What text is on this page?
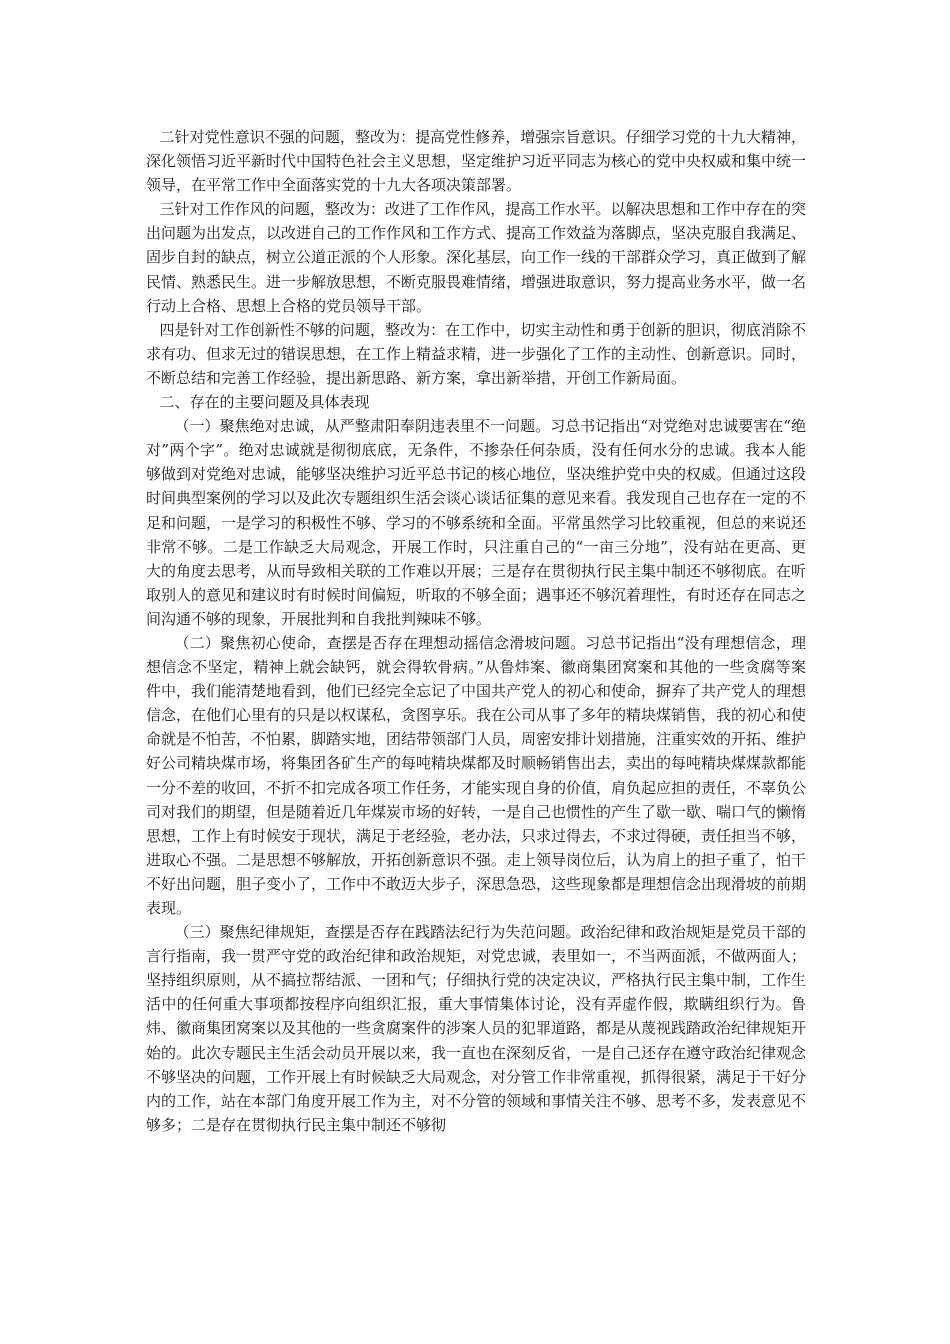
二针对党性意识不强的问题，整改为：提高党性修养，增强宗旨意识。仔细学习党的十九大精神，深化领悟习近平新时代中国特色社会主义思想，坚定维护习近平同志为核心的党中央权威和集中统一领导，在平常工作中全面落实党的十九大各项决策部署。

三针对工作作风的问题，整改为：改进了工作作风，提高工作水平。以解决思想和工作中存在的突出问题为出发点，以改进自己的工作作风和工作方式、提高工作效益为落脚点，坚决克服自我满足、固步自封的缺点，树立公道正派的个人形象。深化基层，向工作一线的干部群众学习，真正做到了解民情、熟悉民生。进一步解放思想，不断克服畏难情绪，增强进取意识，努力提高业务水平，做一名行动上合格、思想上合格的党员领导干部。

四是针对工作创新性不够的问题，整改为：在工作中，切实主动性和勇于创新的胆识，彻底消除不求有功、但求无过的错误思想，在工作上精益求精，进一步强化了工作的主动性、创新意识。同时，不断总结和完善工作经验，提出新思路、新方案，拿出新举措，开创工作新局面。

二、存在的主要问题及具体表现

（一）聚焦绝对忠诚，从严整肃阳奉阴违表里不一问题。习总书记指出“对党绝对忠诚要害在“绝对”两个字”。绝对忠诚就是彻彻底底，无条件，不掺杂任何杂质，没有任何水分的忠诚。我本人能够做到对党绝对忠诚，能够坚决维护习近平总书记的核心地位，坚决维护党中央的权威。但通过这段时间典型案例的学习以及此次专题组织生活会谈心谈话征集的意见来看。我发现自己也存在一定的不足和问题，一是学习的积极性不够、学习的不够系统和全面。平常虽然学习比较重视，但总的来说还非常不够。二是工作缺乏大局观念，开展工作时，只注重自己的“一亩三分地”，没有站在更高、更大的角度去思考，从而导致相关联的工作难以开展；三是存在贯彻执行民主集中制还不够彻底。在听取别人的意见和建议时有时候时间偏短，听取的不够全面；遇事还不够沉着理性，有时还存在同志之间沟通不够的现象，开展批判和自我批判辣味不够。

（二）聚焦初心使命，查摆是否存在理想动摇信念滑坡问题。习总书记指出“没有理想信念，理想信念不坚定，精神上就会缺钙，就会得软骨病。”从鲁炜案、徽商集团窝案和其他的一些贪腐等案件中，我们能清楚地看到，他们已经完全忘记了中国共产党人的初心和使命，摒弃了共产党人的理想信念，在他们心里有的只是以权谋私，贪图享乐。我在公司从事了多年的精块煤销售，我的初心和使命就是不怕苦，不怕累，脚踏实地，团结带领部门人员，周密安排计划措施，注重实效的开拓、维护好公司精块煤市场，将集团各矿生产的每吨精块煤都及时顺畅销售出去，卖出的每吨精块煤煤款都能一分不差的收回，不折不扣完成各项工作任务，才能实现自身的价值，肩负起应担的责任，不辜负公司对我们的期望，但是随着近几年煤炭市场的好转，一是自己也惯性的产生了歇一歇、喘口气的懒惰思想，工作上有时候安于现状，满足于老经验，老办法，只求过得去，不求过得硬，责任担当不够，进取心不强。二是思想不够解放，开拓创新意识不强。走上领导岗位后，认为肩上的担子重了，怕干不好出问题，胆子变小了，工作中不敢迈大步子，深思急恐，这些现象都是理想信念出现滑坡的前期表现。

（三）聚焦纪律规矩，查摆是否存在践踏法纪行为失范问题。政治纪律和政治规矩是党员干部的言行指南，我一贯严守党的政治纪律和政治规矩，对党忠诚，表里如一，不当两面派，不做两面人；坚持组织原则，从不搞拉帮结派、一团和气；仔细执行党的决定决议，严格执行民主集中制，工作生活中的任何重大事项都按程序向组织汇报，重大事情集体讨论，没有弄虚作假，欺瞒组织行为。鲁炜、徽商集团窝案以及其他的一些贪腐案件的涉案人员的犯罪道路，都是从蔑视践踏政治纪律规矩开始的。此次专题民主生活会动员开展以来，我一直也在深刻反省，一是自己还存在遵守政治纪律观念不够坚决的问题，工作开展上有时候缺乏大局观念，对分管工作非常重视，抓得很紧，满足于干好分内的工作，站在本部门角度开展工作为主，对不分管的领域和事情关注不够、思考不多，发表意见不够多；二是存在贯彻执行民主集中制还不够彻
